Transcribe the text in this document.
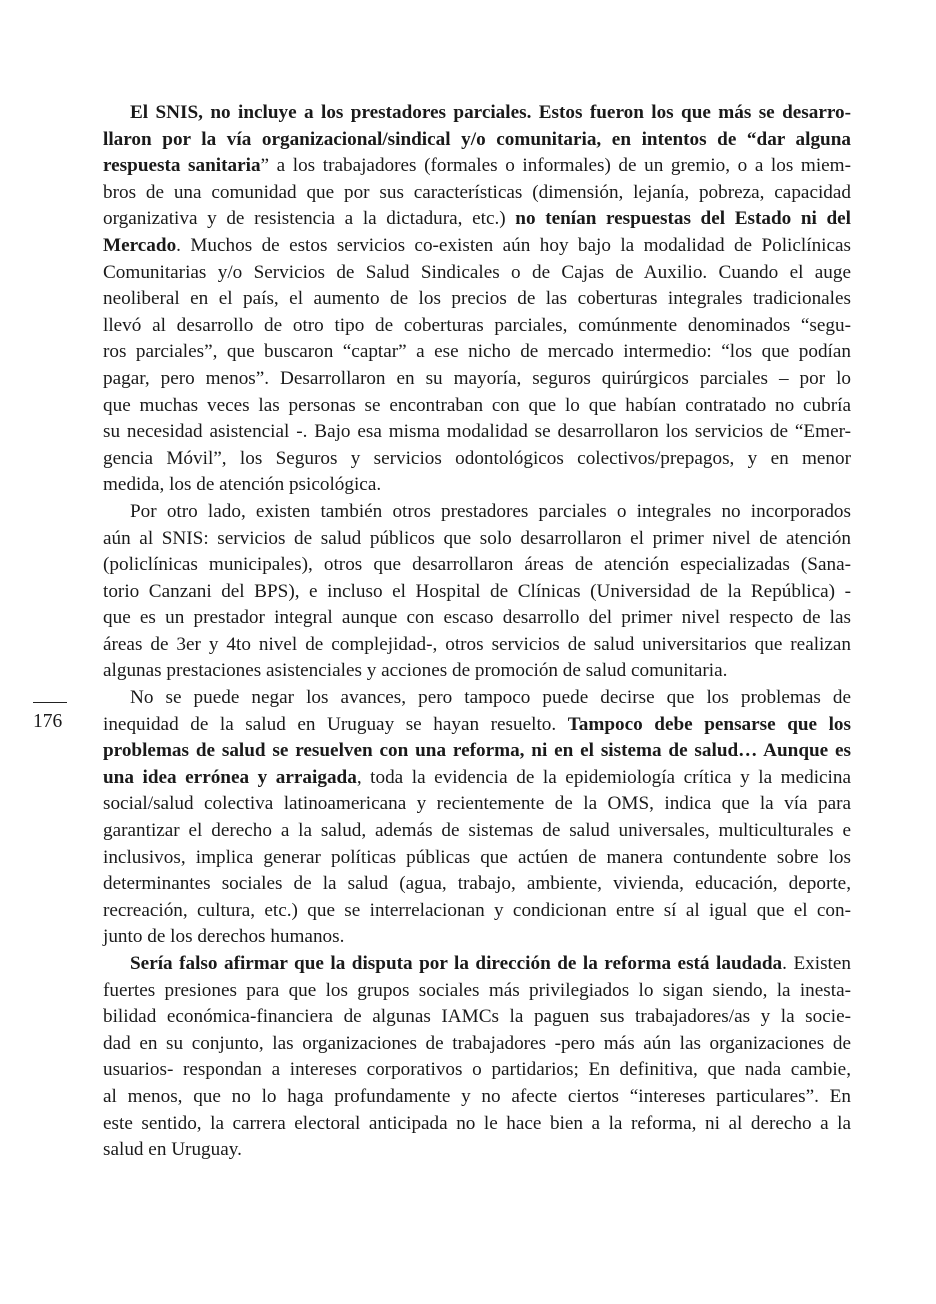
176
El SNIS, no incluye a los prestadores parciales. Estos fueron los que más se desarro-
llaron por la vía organizacional/sindical y/o comunitaria, en intentos de “dar alguna
respuesta sanitaria” a los trabajadores (formales o informales) de un gremio, o a los miem-
bros de una comunidad que por sus características (dimensión, lejanía, pobreza, capacidad
organizativa y de resistencia a la dictadura, etc.) no tenían respuestas del Estado ni del
Mercado. Muchos de estos servicios co-existen aún hoy bajo la modalidad de Policlínicas
Comunitarias y/o Servicios de Salud Sindicales o de Cajas de Auxilio. Cuando el auge
neoliberal en el país, el aumento de los precios de las coberturas integrales tradicionales
llevó al desarrollo de otro tipo de coberturas parciales, comúnmente denominados “segu-
ros parciales”, que buscaron “captar” a ese nicho de mercado intermedio: “los que podían
pagar, pero menos”. Desarrollaron en su mayoría, seguros quirúrgicos parciales – por lo
que muchas veces las personas se encontraban con que lo que habían contratado no cubría
su necesidad asistencial -. Bajo esa misma modalidad se desarrollaron los servicios de “Emer-
gencia Móvil”, los Seguros y servicios odontológicos colectivos/prepagos, y en menor
medida, los de atención psicológica.
Por otro lado, existen también otros prestadores parciales o integrales no incorporados
aún al SNIS: servicios de salud públicos que solo desarrollaron el primer nivel de atención
(policlínicas municipales), otros que desarrollaron áreas de atención especializadas (Sana-
torio Canzani del BPS), e incluso el Hospital de Clínicas (Universidad de la República) -
que es un prestador integral aunque con escaso desarrollo del primer nivel respecto de las
áreas de 3er y 4to nivel de complejidad-, otros servicios de salud universitarios que realizan
algunas prestaciones asistenciales y acciones de promoción de salud comunitaria.
No se puede negar los avances, pero tampoco puede decirse que los problemas de
inequidad de la salud en Uruguay se hayan resuelto. Tampoco debe pensarse que los
problemas de salud se resuelven con una reforma, ni en el sistema de salud… Aunque es
una idea errónea y arraigada, toda la evidencia de la epidemiología crítica y la medicina
social/salud colectiva latinoamericana y recientemente de la OMS, indica que la vía para
garantizar el derecho a la salud, además de sistemas de salud universales, multiculturales e
inclusivos, implica generar políticas públicas que actúen de manera contundente sobre los
determinantes sociales de la salud (agua, trabajo, ambiente, vivienda, educación, deporte,
recreación, cultura, etc.) que se interrelacionan y condicionan entre sí al igual que el con-
junto de los derechos humanos.
Sería falso afirmar que la disputa por la dirección de la reforma está laudada. Existen
fuertes presiones para que los grupos sociales más privilegiados lo sigan siendo, la inesta-
bilidad económica-financiera de algunas IAMCs la paguen sus trabajadores/as y la socie-
dad en su conjunto, las organizaciones de trabajadores -pero más aún las organizaciones de
usuarios- respondan a intereses corporativos o partidarios; En definitiva, que nada cambie,
al menos, que no lo haga profundamente y no afecte ciertos “intereses particulares”. En
este sentido, la carrera electoral anticipada no le hace bien a la reforma, ni al derecho a la
salud en Uruguay.
